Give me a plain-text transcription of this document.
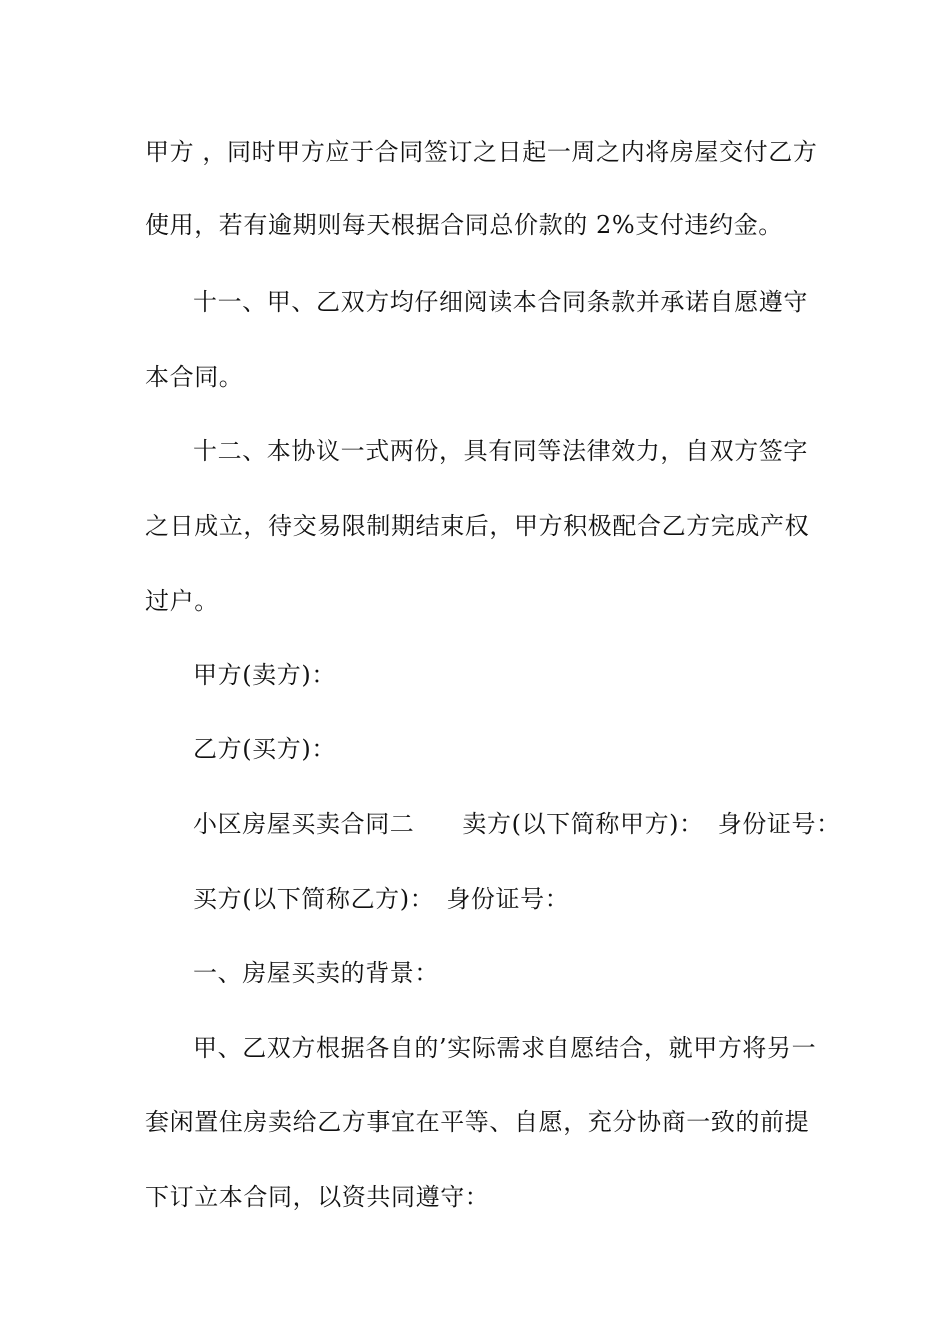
甲方 ，同时甲方应于合同签订之日起一周之内将房屋交付乙方
使用，若有逾期则每天根据合同总价款的 2%支付违约金。
十一、甲、乙双方均仔细阅读本合同条款并承诺自愿遵守
本合同。
十二、本协议一式两份，具有同等法律效力，自双方签字
之日成立，待交易限制期结束后，甲方积极配合乙方完成产权
过户。
甲方(卖方)：
乙方(买方)：
小区房屋买卖合同二 卖方(以下简称甲方)： 身份证号：
买方(以下简称乙方)： 身份证号：
一、房屋买卖的背景：
甲、乙双方根据各自的’实际需求自愿结合，就甲方将另一
套闲置住房卖给乙方事宜在平等、自愿，充分协商一致的前提
下订立本合同，以资共同遵守：
